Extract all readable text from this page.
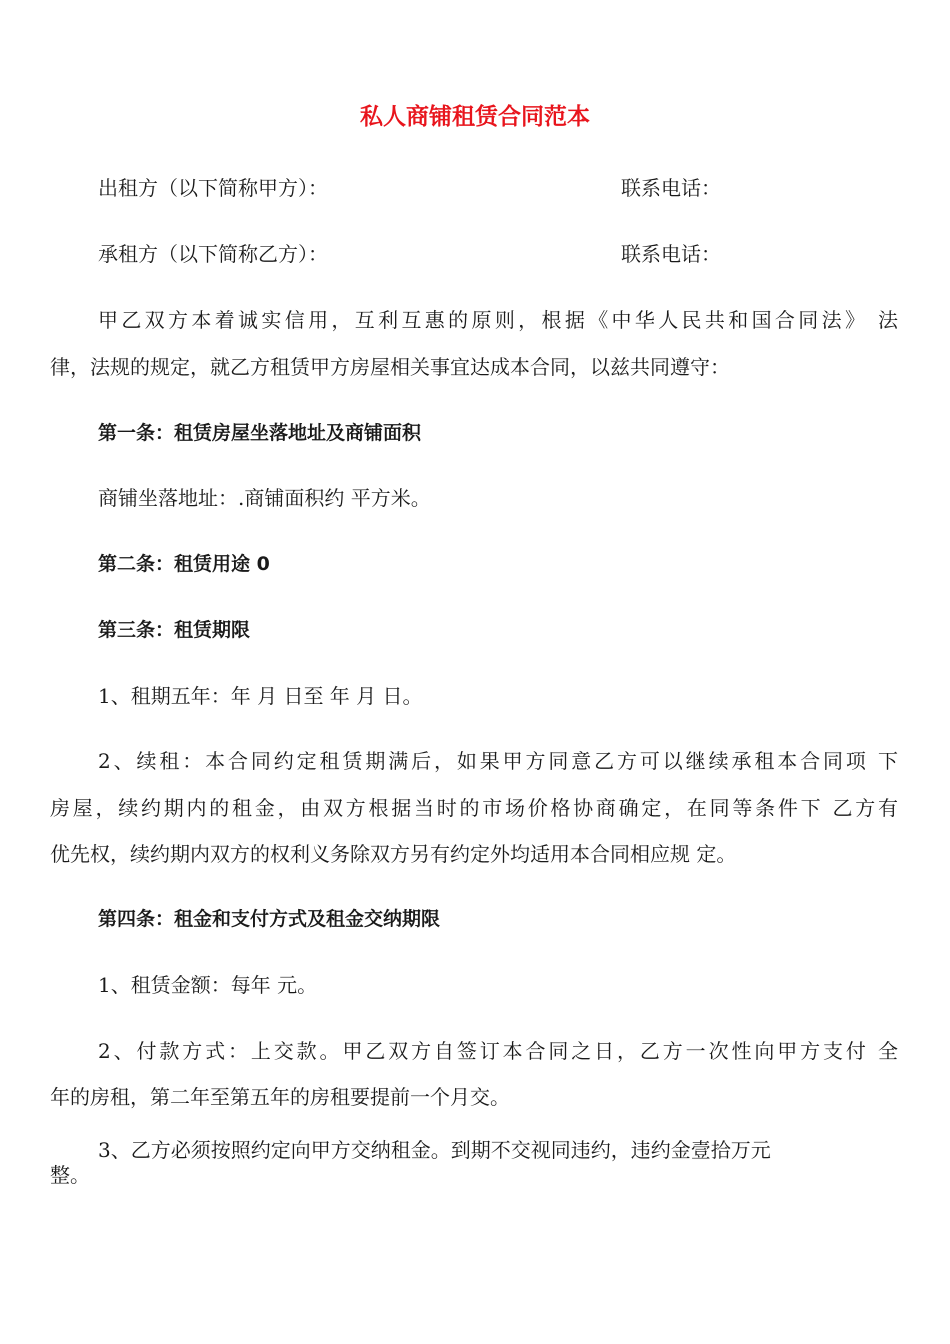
私人商铺租赁合同范本
出租方（以下简称甲方）：	联系电话：
承租方（以下简称乙方）：	联系电话：
甲乙双方本着诚实信用，互利互惠的原则，根据《中华人民共和国合同法》 法
律，法规的规定，就乙方租赁甲方房屋相关事宜达成本合同，以兹共同遵守：
第一条：租赁房屋坐落地址及商铺面积
商铺坐落地址：.商铺面积约 平方米。
第二条：租赁用途 0
第三条：租赁期限
1、租期五年：年 月 日至 年 月 日。
2、续租：本合同约定租赁期满后，如果甲方同意乙方可以继续承租本合同项 下
房屋，续约期内的租金，由双方根据当时的市场价格协商确定，在同等条件下 乙方有
优先权，续约期内双方的权利义务除双方另有约定外均适用本合同相应规 定。
第四条：租金和支付方式及租金交纳期限
1、租赁金额：每年 元。
2、付款方式：上交款。甲乙双方自签订本合同之日，乙方一次性向甲方支付 全
年的房租，第二年至第五年的房租要提前一个月交。
3、乙方必须按照约定向甲方交纳租金。到期不交视同违约，违约金壹拾万元
整。
